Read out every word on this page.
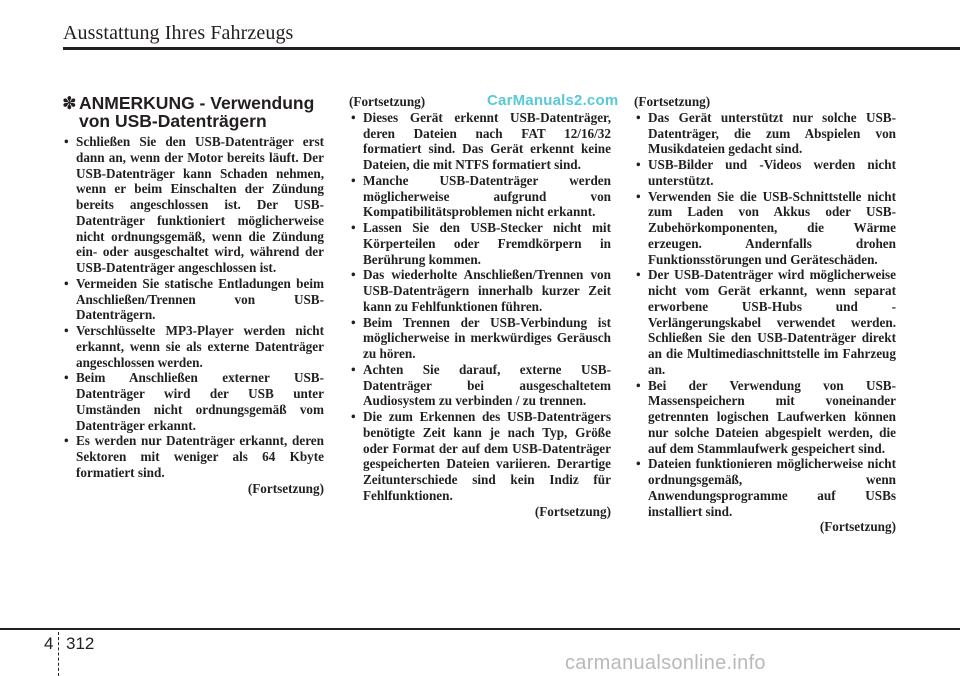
Ausstattung Ihres Fahrzeugs
CarManuals2.com
✽ ANMERKUNG - Verwendung
von USB-Datenträgern
• Schließen Sie den USB-Datenträger erst dann an, wenn der Motor bereits läuft. Der USB-Datenträger kann Schaden nehmen, wenn er beim Einschalten der Zündung bereits angeschlossen ist. Der USB-Datenträger funktioniert möglicherweise nicht ordnungsgemäß, wenn die Zündung ein- oder ausgeschaltet wird, während der USB-Datenträger angeschlossen ist.
• Vermeiden Sie statische Entladungen beim Anschließen/Trennen von USB-Datenträgern.
• Verschlüsselte MP3-Player werden nicht erkannt, wenn sie als externe Datenträger angeschlossen werden.
• Beim Anschließen externer USB-Datenträger wird der USB unter Umständen nicht ordnungsgemäß vom Datenträger erkannt.
• Es werden nur Datenträger erkannt, deren Sektoren mit weniger als 64 Kbyte formatiert sind.
(Fortsetzung)
(Fortsetzung)
• Dieses Gerät erkennt USB-Datenträger, deren Dateien nach FAT 12/16/32 formatiert sind. Das Gerät erkennt keine Dateien, die mit NTFS formatiert sind.
• Manche USB-Datenträger werden möglicherweise aufgrund von Kompatibilitätsproblemen nicht erkannt.
• Lassen Sie den USB-Stecker nicht mit Körperteilen oder Fremdkörpern in Berührung kommen.
• Das wiederholte Anschließen/Trennen von USB-Datenträgern innerhalb kurzer Zeit kann zu Fehlfunktionen führen.
• Beim Trennen der USB-Verbindung ist möglicherweise in merkwürdiges Geräusch zu hören.
• Achten Sie darauf, externe USB-Datenträger bei ausgeschaltetem Audiosystem zu verbinden / zu trennen.
• Die zum Erkennen des USB-Datenträgers benötigte Zeit kann je nach Typ, Größe oder Format der auf dem USB-Datenträger gespeicherten Dateien variieren. Derartige Zeitunterschiede sind kein Indiz für Fehlfunktionen.
(Fortsetzung)
(Fortsetzung)
• Das Gerät unterstützt nur solche USB-Datenträger, die zum Abspielen von Musikdateien gedacht sind.
• USB-Bilder und -Videos werden nicht unterstützt.
• Verwenden Sie die USB-Schnittstelle nicht zum Laden von Akkus oder USB-Zubehörkomponenten, die Wärme erzeugen. Andernfalls drohen Funktionsstörungen und Geräteschäden.
• Der USB-Datenträger wird möglicherweise nicht vom Gerät erkannt, wenn separat erworbene USB-Hubs und -Verlängerungskabel verwendet werden. Schließen Sie den USB-Datenträger direkt an die Multimediaschnittstelle im Fahrzeug an.
• Bei der Verwendung von USB-Massenspeichern mit voneinander getrennten logischen Laufwerken können nur solche Dateien abgespielt werden, die auf dem Stammlaufwerk gespeichert sind.
• Dateien funktionieren möglicherweise nicht ordnungsgemäß, wenn Anwendungsprogramme auf USBs installiert sind.
(Fortsetzung)
4 312
carmanualsonline.info
